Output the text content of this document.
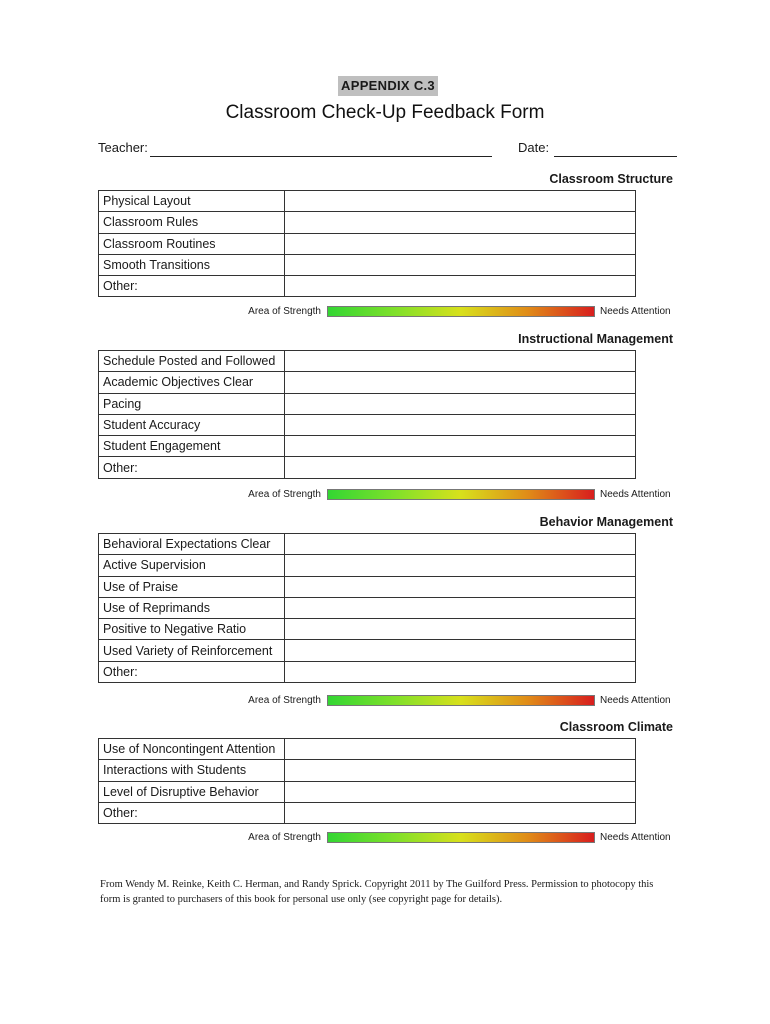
APPENDIX C.3
Classroom Check-Up Feedback Form
Teacher:	Date:
Classroom Structure
Physical Layout	
Classroom Rules	
Classroom Routines	
Smooth Transitions	
Other:	
Area of Strength	Needs Attention
Instructional Management
Schedule Posted and Followed	
Academic Objectives Clear	
Pacing	
Student Accuracy	
Student Engagement	
Other:	
Area of Strength	Needs Attention
Behavior Management
Behavioral Expectations Clear	
Active Supervision	
Use of Praise	
Use of Reprimands	
Positive to Negative Ratio	
Used Variety of Reinforcement	
Other:	
Area of Strength	Needs Attention
Classroom Climate
Use of Noncontingent Attention	
Interactions with Students	
Level of Disruptive Behavior	
Other:	
Area of Strength	Needs Attention
From Wendy M. Reinke, Keith C. Herman, and Randy Sprick. Copyright 2011 by The Guilford Press. Permission to photocopy this form is granted to purchasers of this book for personal use only (see copyright page for details).
